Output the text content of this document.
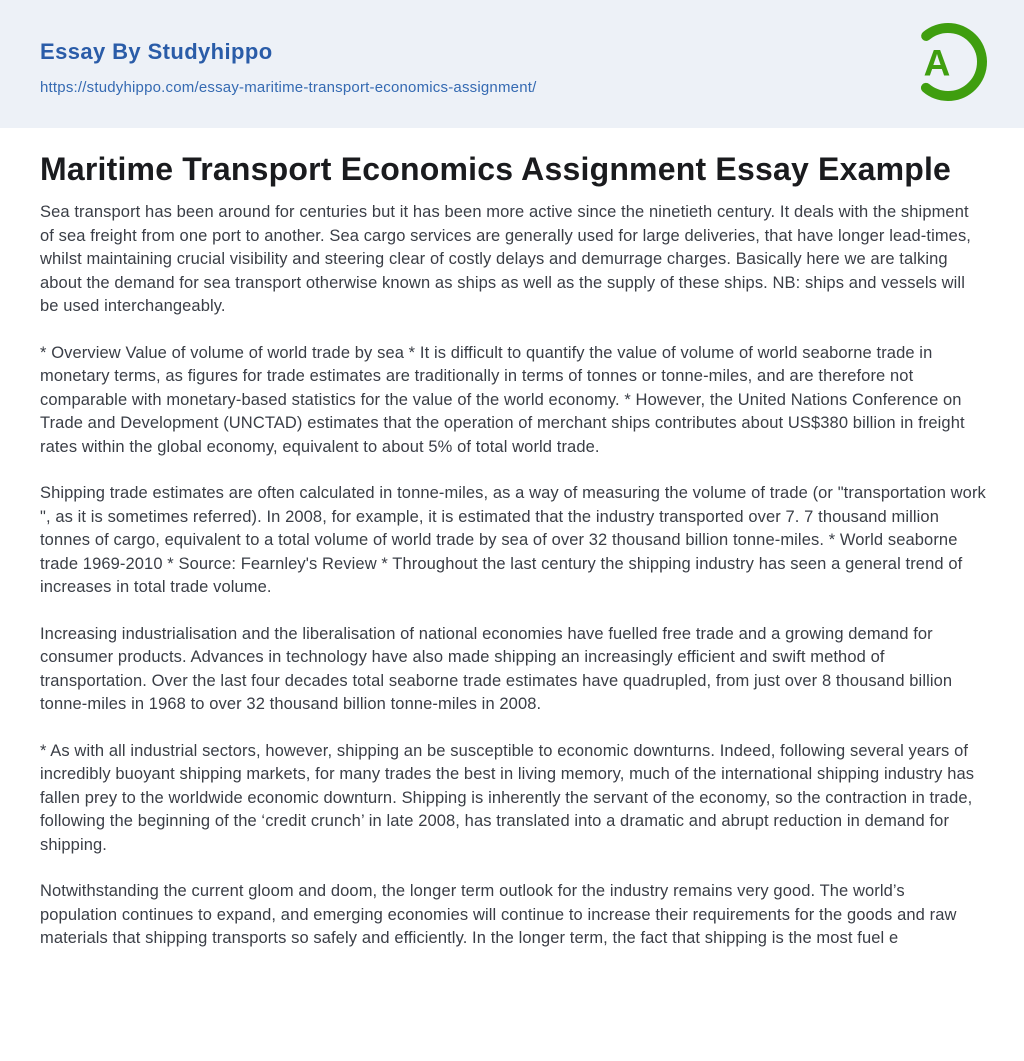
Essay By Studyhippo
https://studyhippo.com/essay-maritime-transport-economics-assignment/
A
Maritime Transport Economics Assignment Essay Example

Sea transport has been around for centuries but it has been more active since the ninetieth century. It deals with the shipment of sea freight from one port to another. Sea cargo services are generally used for large deliveries, that have longer lead-times, whilst maintaining crucial visibility and steering clear of costly delays and demurrage charges. Basically here we are talking about the demand for sea transport otherwise known as ships as well as the supply of these ships. NB: ships and vessels will be used interchangeably.

* Overview Value of volume of world trade by sea * It is difficult to quantify the value of volume of world seaborne trade in monetary terms, as figures for trade estimates are traditionally in terms of tonnes or tonne-miles, and are therefore not comparable with monetary-based statistics for the value of the world economy. * However, the United Nations Conference on Trade and Development (UNCTAD) estimates that the operation of merchant ships contributes about US$380 billion in freight rates within the global economy, equivalent to about 5% of total world trade.

Shipping trade estimates are often calculated in tonne-miles, as a way of measuring the volume of trade (or "transportation work ", as it is sometimes referred). In 2008, for example, it is estimated that the industry transported over 7. 7 thousand million tonnes of cargo, equivalent to a total volume of world trade by sea of over 32 thousand billion tonne-miles. * World seaborne trade 1969-2010 * Source: Fearnley's Review * Throughout the last century the shipping industry has seen a general trend of increases in total trade volume.

Increasing industrialisation and the liberalisation of national economies have fuelled free trade and a growing demand for consumer products. Advances in technology have also made shipping an increasingly efficient and swift method of transportation. Over the last four decades total seaborne trade estimates have quadrupled, from just over 8 thousand billion tonne-miles in 1968 to over 32 thousand billion tonne-miles in 2008.

* As with all industrial sectors, however, shipping an be susceptible to economic downturns. Indeed, following several years of incredibly buoyant shipping markets, for many trades the best in living memory, much of the international shipping industry has fallen prey to the worldwide economic downturn. Shipping is inherently the servant of the economy, so the contraction in trade, following the beginning of the ‘credit crunch’ in late 2008, has translated into a dramatic and abrupt reduction in demand for shipping.

Notwithstanding the current gloom and doom, the longer term outlook for the industry remains very good. The world’s population continues to expand, and emerging economies will continue to increase their requirements for the goods and raw materials that shipping transports so safely and efficiently. In the longer term, the fact that shipping is the most fuel e
